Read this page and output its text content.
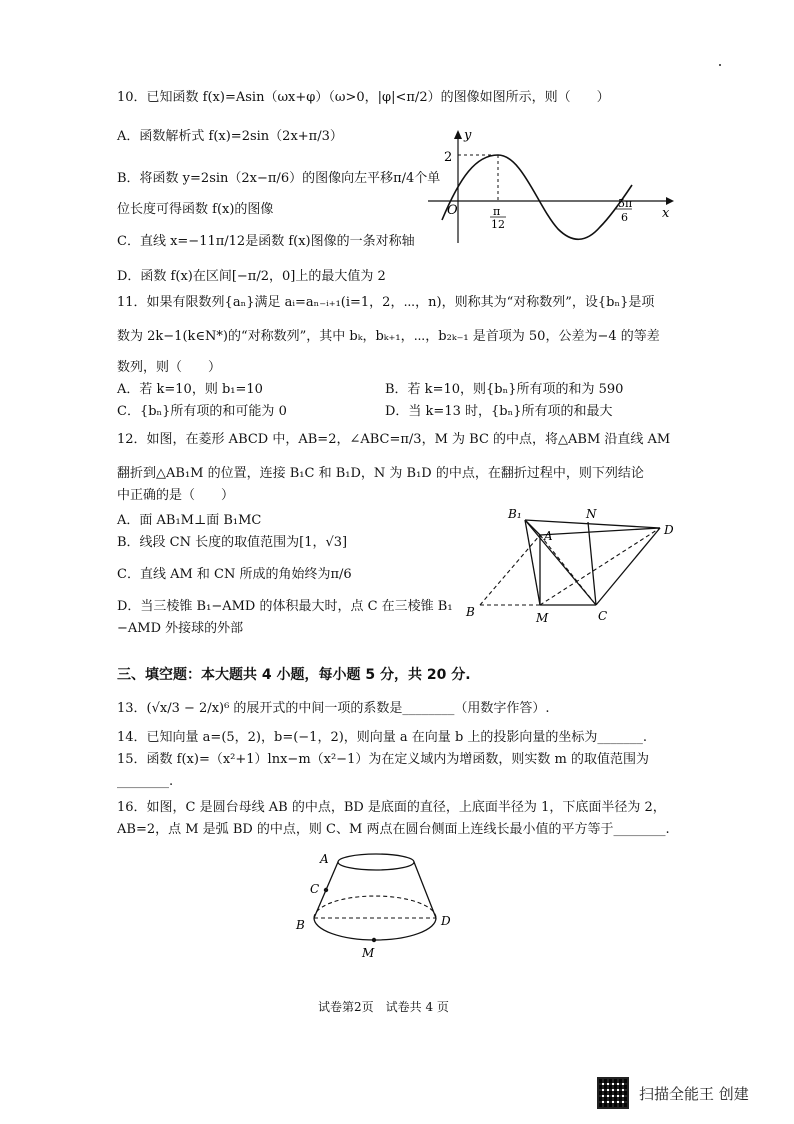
10．已知函数 f(x)=Asin（ωx+φ）（ω>0，|φ|<π/2）的图像如图所示，则（　　）
A．函数解析式 f(x)=2sin（2x+π/3）
B．将函数 y=2sin（2x−π/6）的图像向左平移π/4个单
位长度可得函数 f(x)的图像
C．直线 x=−11π/12是函数 f(x)图像的一条对称轴
D．函数 f(x)在区间[−π/2，0]上的最大值为 2
y
x
O
2
π
12
5π
6
11．如果有限数列{aₙ}满足 aᵢ=aₙ₋ᵢ₊₁(i=1，2，⋯，n)，则称其为“对称数列”，设{bₙ}是项
数为 2k−1(k∈N*)的“对称数列”，其中 bₖ，bₖ₊₁，⋯，b₂ₖ₋₁ 是首项为 50，公差为−4 的等差
数列，则（　　）
A．若 k=10，则 b₁=10	B．若 k=10，则{bₙ}所有项的和为 590
C．{bₙ}所有项的和可能为 0	D．当 k=13 时，{bₙ}所有项的和最大
12．如图，在菱形 ABCD 中，AB=2，∠ABC=π/3，M 为 BC 的中点，将△ABM 沿直线 AM
翻折到△AB₁M 的位置，连接 B₁C 和 B₁D，N 为 B₁D 的中点，在翻折过程中，则下列结论
中正确的是（　　）
A．面 AB₁M⊥面 B₁MC
B．线段 CN 长度的取值范围为[1，√3]
C．直线 AM 和 CN 所成的角始终为π/6
D．当三棱锥 B₁−AMD 的体积最大时，点 C 在三棱锥 B₁
−AMD 外接球的外部
B₁	N
A	D
B	M	C
三、填空题：本大题共 4 小题，每小题 5 分，共 20 分.
13．(√x/3 − 2/x)⁶ 的展开式的中间一项的系数是________（用数字作答）.
14．已知向量 a=(5，2)，b=(−1，2)，则向量 a 在向量 b 上的投影向量的坐标为_______.
15．函数 f(x)=（x²+1）lnx−m（x²−1）为在定义域内为增函数，则实数 m 的取值范围为
________.
16．如图，C 是圆台母线 AB 的中点，BD 是底面的直径，上底面半径为 1，下底面半径为 2，
AB=2，点 M 是弧 BD 的中点，则 C、M 两点在圆台侧面上连线长最小值的平方等于________.
A
C
B	D
M
试卷第2页　试卷共 4 页
扫描全能王 创建
